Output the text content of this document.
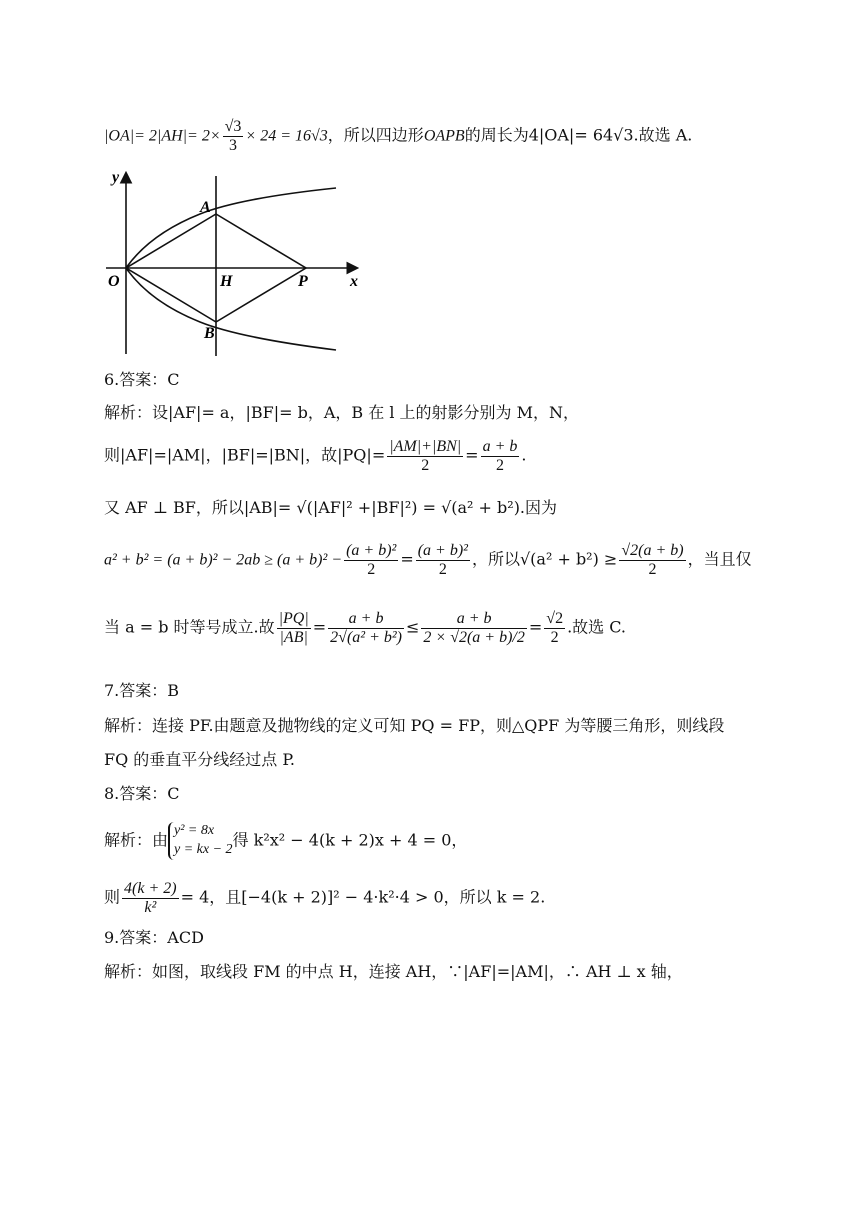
$|OA|= 2|AH|= 2\times \frac{√3}{3} \times 24 = 16√3$，所以四边形OAPB的周长为4|OA|= 64√3.故选 A.
y
x
O
A
H	P
B
6.答案：C
解析：设|AF|= a，|BF|= b，A，B 在 l 上的射影分别为 M，N，
则|AF|=|AM|，|BF|=|BN|，故$|PQ|= \frac{|AM|+|BN|}{2} = \frac{a + b}{2}$ .
又 AF ⊥ BF，所以|AB|= √(|AF|² +|BF|²) = √(a² + b²).因为
$a^2 + b^2 = (a + b)^2 - 2ab \ge (a + b)^2 - \frac{\text{(a + b)²}}{2} = \frac{\text{(a + b)²}}{2}$ ，所以$√(a^2 + b^2) \ge \frac{√2(a + b)}{2}$ ，当且仅
当 a = b 时等号成立.故 $\frac{|PQ|}{|AB|} = \frac{a + b}{\text{2√(a² + b²)}} \le \frac{a + b}{2 \times √2(a + b)/2} = \frac{√2}{2}$ .故选 C.
7.答案：B
解析：连接 PF.由题意及抛物线的定义可知 PQ = FP，则△QPF 为等腰三角形，则线段
FQ 的垂直平分线经过点 P.
8.答案：C
解析：由 y² = 8x
y = kx − 2 得 k²x² − 4(k + 2)x + 4 = 0，
则 $\frac{4(k + 2)}{\text{k²}} = 4$，且[−4(k + 2)]² − 4·k²·4 > 0，所以 k = 2.
9.答案：ACD
解析：如图，取线段 FM 的中点 H，连接 AH，∵|AF|=|AM|，∴ AH ⊥ x 轴，
